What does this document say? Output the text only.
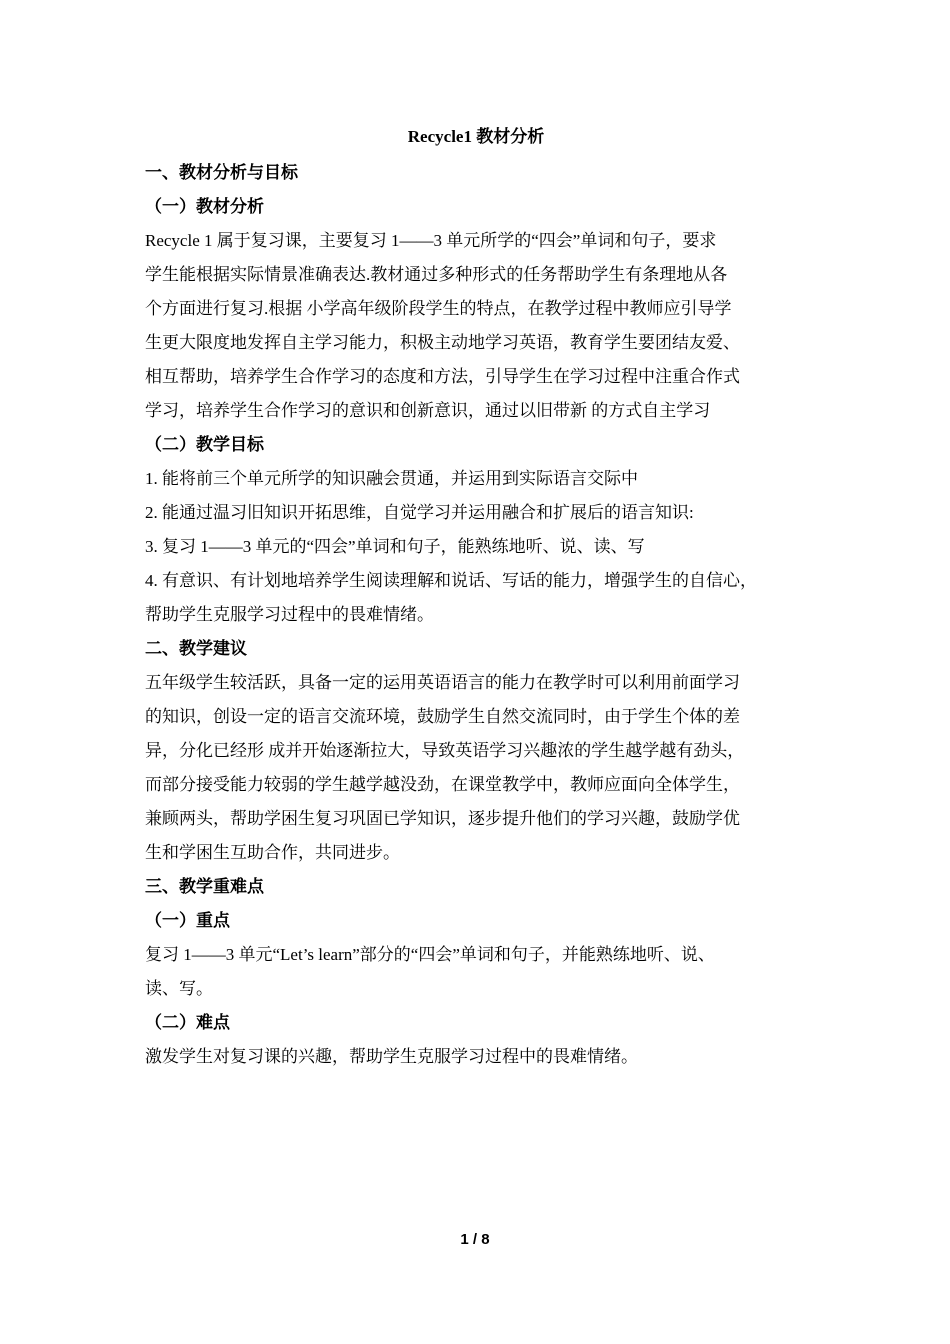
Recycle1 教材分析
一、教材分析与目标
（一）教材分析
Recycle 1 属于复习课，主要复习 1——3 单元所学的“四会”单词和句子，要求
学生能根据实际情景准确表达.教材通过多种形式的任务帮助学生有条理地从各
个方面进行复习.根据 小学高年级阶段学生的特点，在教学过程中教师应引导学
生更大限度地发挥自主学习能力，积极主动地学习英语，教育学生要团结友爱、
相互帮助，培养学生合作学习的态度和方法，引导学生在学习过程中注重合作式
学习，培养学生合作学习的意识和创新意识，通过以旧带新 的方式自主学习
（二）教学目标
1. 能将前三个单元所学的知识融会贯通，并运用到实际语言交际中
2. 能通过温习旧知识开拓思维，自觉学习并运用融合和扩展后的语言知识:
3. 复习 1——3 单元的“四会”单词和句子，能熟练地听、说、读、写
4. 有意识、有计划地培养学生阅读理解和说话、写话的能力，增强学生的自信心，
帮助学生克服学习过程中的畏难情绪。
二、教学建议
五年级学生较活跃，具备一定的运用英语语言的能力在教学时可以利用前面学习
的知识，创设一定的语言交流环境，鼓励学生自然交流同时，由于学生个体的差
异，分化已经形 成并开始逐渐拉大，导致英语学习兴趣浓的学生越学越有劲头，
而部分接受能力较弱的学生越学越没劲，在课堂教学中，教师应面向全体学生，
兼顾两头，帮助学困生复习巩固已学知识，逐步提升他们的学习兴趣，鼓励学优
生和学困生互助合作，共同进步。
三、教学重难点
（一）重点
复习 1——3 单元“Let’s learn”部分的“四会”单词和句子，并能熟练地听、说、
读、写。
（二）难点
激发学生对复习课的兴趣，帮助学生克服学习过程中的畏难情绪。
1 / 8
